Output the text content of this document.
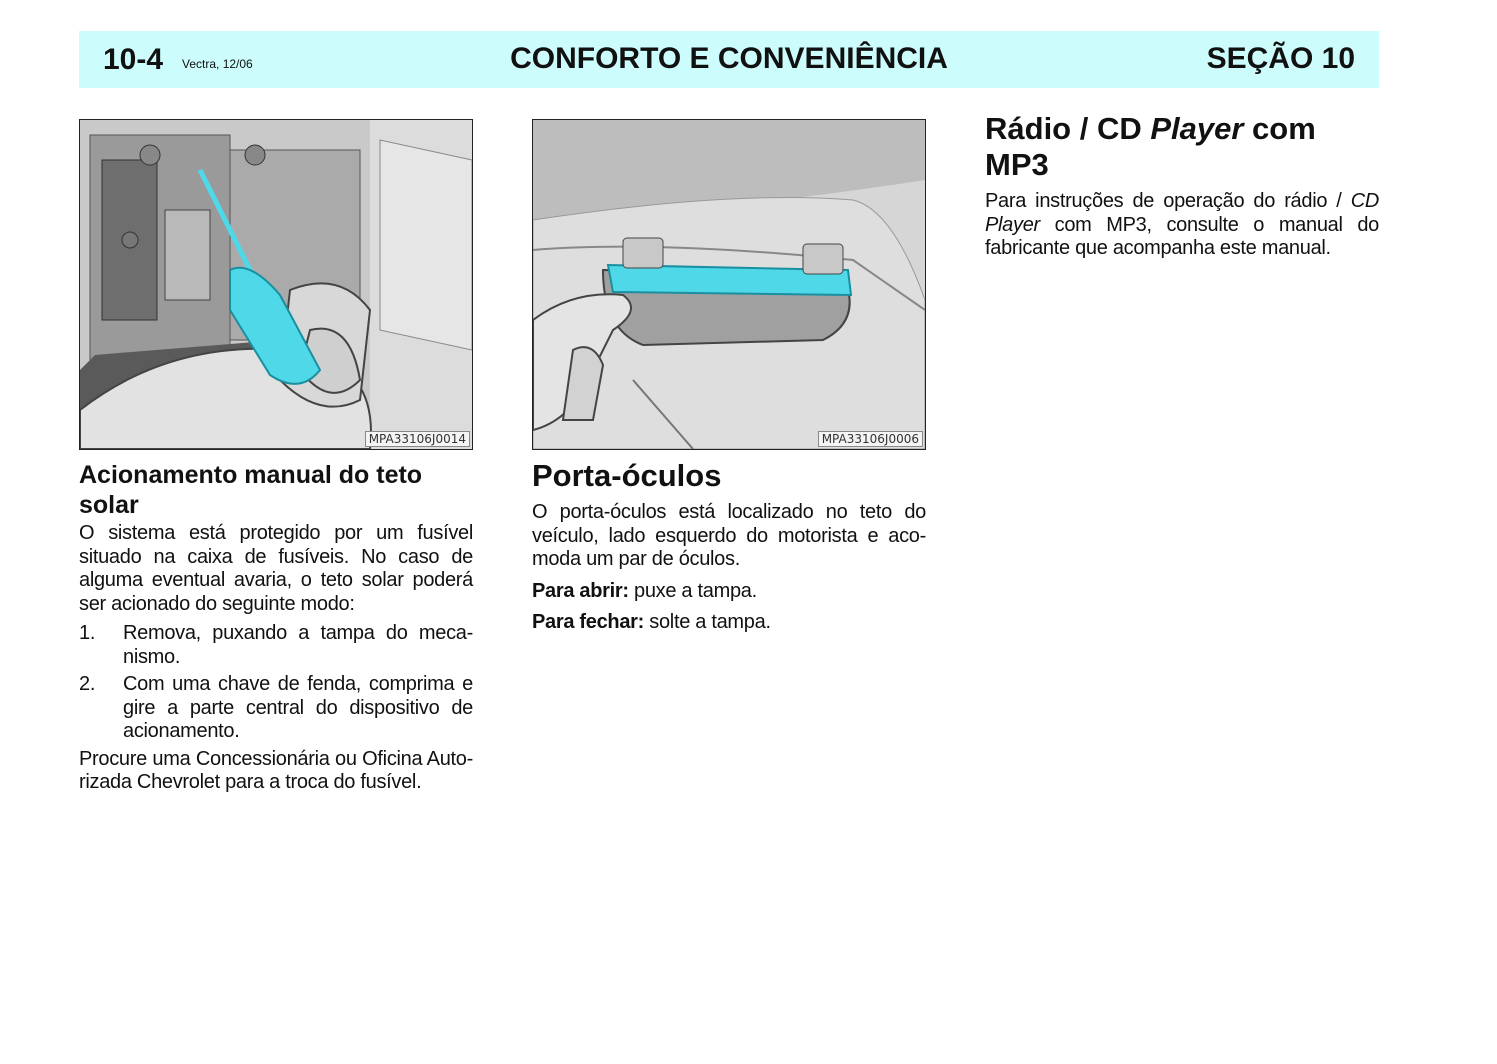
10-4 Vectra, 12/06	CONFORTO E CONVENIÊNCIA	SEÇÃO 10
MPA33106J0014	MPA33106J0006
Acionamento manual do teto solar

O sistema está protegido por um fusível situado na caixa de fusíveis. No caso de alguma eventual avaria, o teto solar poderá ser acionado do seguinte modo:

1. Remova, puxando a tampa do meca-nismo.
2. Com uma chave de fenda, comprima e gire a parte central do dispositivo de acionamento.

Procure uma Concessionária ou Oficina Auto-rizada Chevrolet para a troca do fusível.

Porta-óculos

O porta-óculos está localizado no teto do veículo, lado esquerdo do motorista e aco-moda um par de óculos.

Para abrir: puxe a tampa.

Para fechar: solte a tampa.

Rádio / CD Player com MP3

Para instruções de operação do rádio / CD Player com MP3, consulte o manual do fabricante que acompanha este manual.
